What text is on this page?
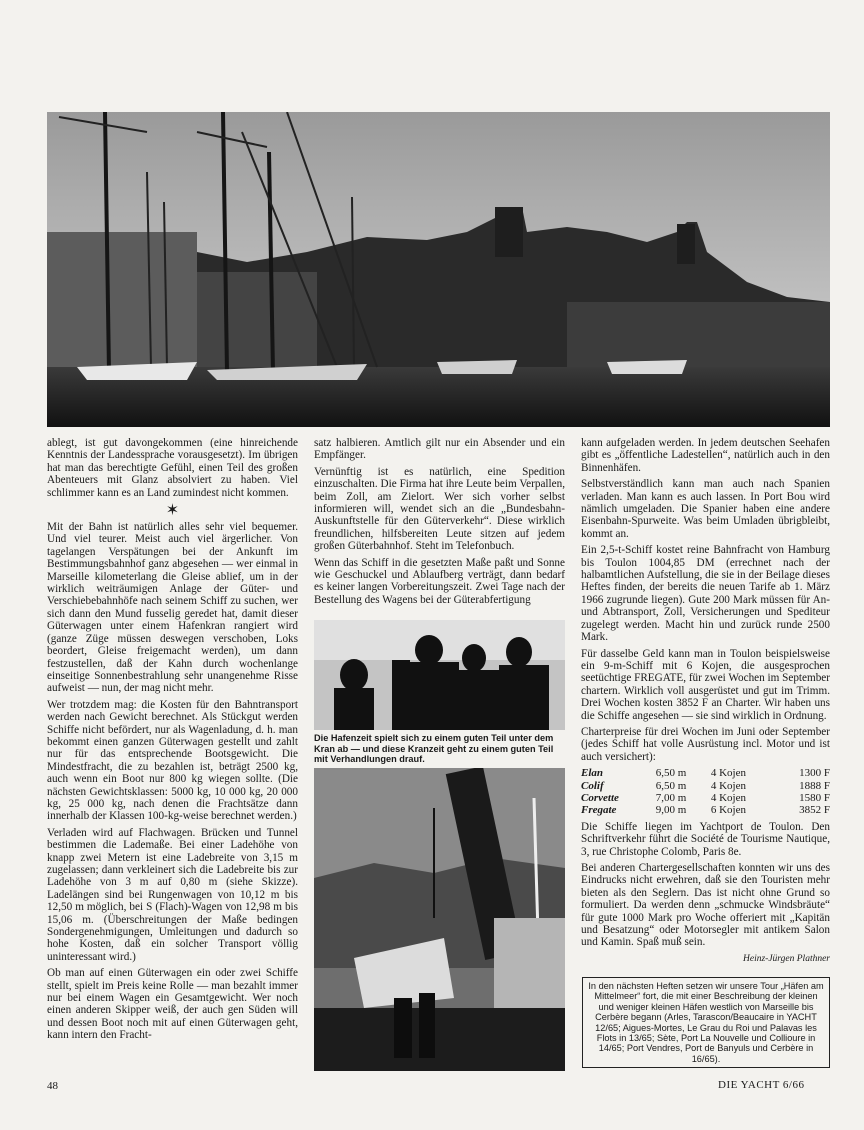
ablegt, ist gut davongekommen (eine hinreichende Kenntnis der Landessprache vorausgesetzt). Im übrigen hat man das berechtigte Gefühl, einen Teil des großen Abenteuers mit Glanz absolviert zu haben. Viel schlimmer kann es an Land zumindest nicht kommen.

✶

Mit der Bahn ist natürlich alles sehr viel bequemer. Und viel teurer. Meist auch viel ärgerlicher. Von tagelangen Verspätungen bei der Ankunft im Bestimmungsbahnhof ganz abgesehen — wer einmal in Marseille kilometerlang die Gleise ablief, um in der wirklich weiträumigen Anlage der Güter- und Verschiebebahnhöfe nach seinem Schiff zu suchen, wer sich dann den Mund fusselig geredet hat, damit dieser Güterwagen unter einem Hafenkran rangiert wird (ganze Züge müssen deswegen verschoben, Loks beordert, Gleise freigemacht werden), um dann festzustellen, daß der Kahn durch wochenlange einseitige Sonnenbestrahlung sehr unangenehme Risse aufweist — nun, der mag nicht mehr.

Wer trotzdem mag: die Kosten für den Bahntransport werden nach Gewicht berechnet. Als Stückgut werden Schiffe nicht befördert, nur als Wagenladung, d. h. man bekommt einen ganzen Güterwagen gestellt und zahlt nur für das entsprechende Bootsgewicht. Die Mindestfracht, die zu bezahlen ist, beträgt 2500 kg, auch wenn ein Boot nur 800 kg wiegen sollte. (Die nächsten Gewichtsklassen: 5000 kg, 10 000 kg, 20 000 kg, 25 000 kg, nach denen die Frachtsätze dann innerhalb der Klassen 100-kg-weise berechnet werden.)

Verladen wird auf Flachwagen. Brücken und Tunnel bestimmen die Lademaße. Bei einer Ladehöhe von knapp zwei Metern ist eine Ladebreite von 3,15 m zugelassen; dann verkleinert sich die Ladebreite bis zur Ladehöhe von 3 m auf 0,80 m (siehe Skizze). Ladelängen sind bei Rungenwagen von 10,12 m bis 12,50 m möglich, bei S (Flach)-Wagen von 12,98 m bis 15,06 m. (Überschreitungen der Maße bedingen Sondergenehmigungen, Umleitungen und dadurch so hohe Kosten, daß ein solcher Transport völlig uninteressant wird.)

Ob man auf einen Güterwagen ein oder zwei Schiffe stellt, spielt im Preis keine Rolle — man bezahlt immer nur bei einem Wagen ein Gesamtgewicht. Wer noch einen anderen Skipper weiß, der auch gen Süden will und dessen Boot noch mit auf einen Güterwagen geht, kann intern den Fracht-

satz halbieren. Amtlich gilt nur ein Absender und ein Empfänger.

Vernünftig ist es natürlich, eine Spedition einzuschalten. Die Firma hat ihre Leute beim Verpallen, beim Zoll, am Zielort. Wer sich vorher selbst informieren will, wendet sich an die „Bundesbahn-Auskunftstelle für den Güterverkehr“. Diese wirklich freundlichen, hilfsbereiten Leute sitzen auf jedem großen Güterbahnhof. Steht im Telefonbuch.

Wenn das Schiff in die gesetzten Maße paßt und Sonne wie Geschuckel und Ablaufberg verträgt, dann bedarf es keiner langen Vorbereitungszeit. Zwei Tage nach der Bestellung des Wagens bei der Güterabfertigung

Die Hafenzeit spielt sich zu einem guten Teil unter dem Kran ab — und diese Kranzeit geht zu einem guten Teil mit Verhandlungen drauf.

kann aufgeladen werden. In jedem deutschen Seehafen gibt es „öffentliche Ladestellen“, natürlich auch in den Binnenhäfen.

Selbstverständlich kann man auch nach Spanien verladen. Man kann es auch lassen. In Port Bou wird nämlich umgeladen. Die Spanier haben eine andere Eisenbahn-Spurweite. Was beim Umladen übrigbleibt, kommt an.

Ein 2,5-t-Schiff kostet reine Bahnfracht von Hamburg bis Toulon 1004,85 DM (errechnet nach der halbamtlichen Aufstellung, die sie in der Beilage dieses Heftes finden, der bereits die neuen Tarife ab 1. März 1966 zugrunde liegen). Gute 200 Mark müssen für An- und Abtransport, Zoll, Versicherungen und Spediteur zugelegt werden. Macht hin und zurück runde 2500 Mark.

Für dasselbe Geld kann man in Toulon beispielsweise ein 9-m-Schiff mit 6 Kojen, die ausgesprochen seetüchtige FREGATE, für zwei Wochen im September chartern. Wirklich voll ausgerüstet und gut im Trimm. Drei Wochen kosten 3852 F an Charter. Wir haben uns die Schiffe angesehen — sie sind wirklich in Ordnung.

Charterpreise für drei Wochen im Juni oder September (jedes Schiff hat volle Ausrüstung incl. Motor und ist auch versichert):

Elan	6,50 m	4 Kojen	1300 F
Colif	6,50 m	4 Kojen	1888 F
Corvette	7,00 m	4 Kojen	1580 F
Fregate	9,00 m	6 Kojen	3852 F

Die Schiffe liegen im Yachtport de Toulon. Den Schriftverkehr führt die Société de Tourisme Nautique, 3, rue Christophe Colomb, Paris 8e.

Bei anderen Chartergesellschaften konnten wir uns des Eindrucks nicht erwehren, daß sie den Touristen mehr bieten als den Seglern. Das ist nicht ohne Grund so formuliert. Da werden denn „schmucke Windsbräute“ für gute 1000 Mark pro Woche offeriert mit „Kapitän und Besatzung“ oder Motorsegler mit antikem Salon und Kamin. Spaß muß sein.

Heinz-Jürgen Plathner
In den nächsten Heften setzen wir unsere Tour „Häfen am Mittelmeer“ fort, die mit einer Beschreibung der kleinen und weniger kleinen Häfen westlich von Marseille bis Cerbère begann (Arles, Tarascon/Beaucaire in YACHT 12/65; Aigues-Mortes, Le Grau du Roi und Palavas les Flots in 13/65; Sète, Port La Nouvelle und Collioure in 14/65; Port Vendres, Port de Banyuls und Cerbère in 16/65).
48	DIE YACHT 6/66
